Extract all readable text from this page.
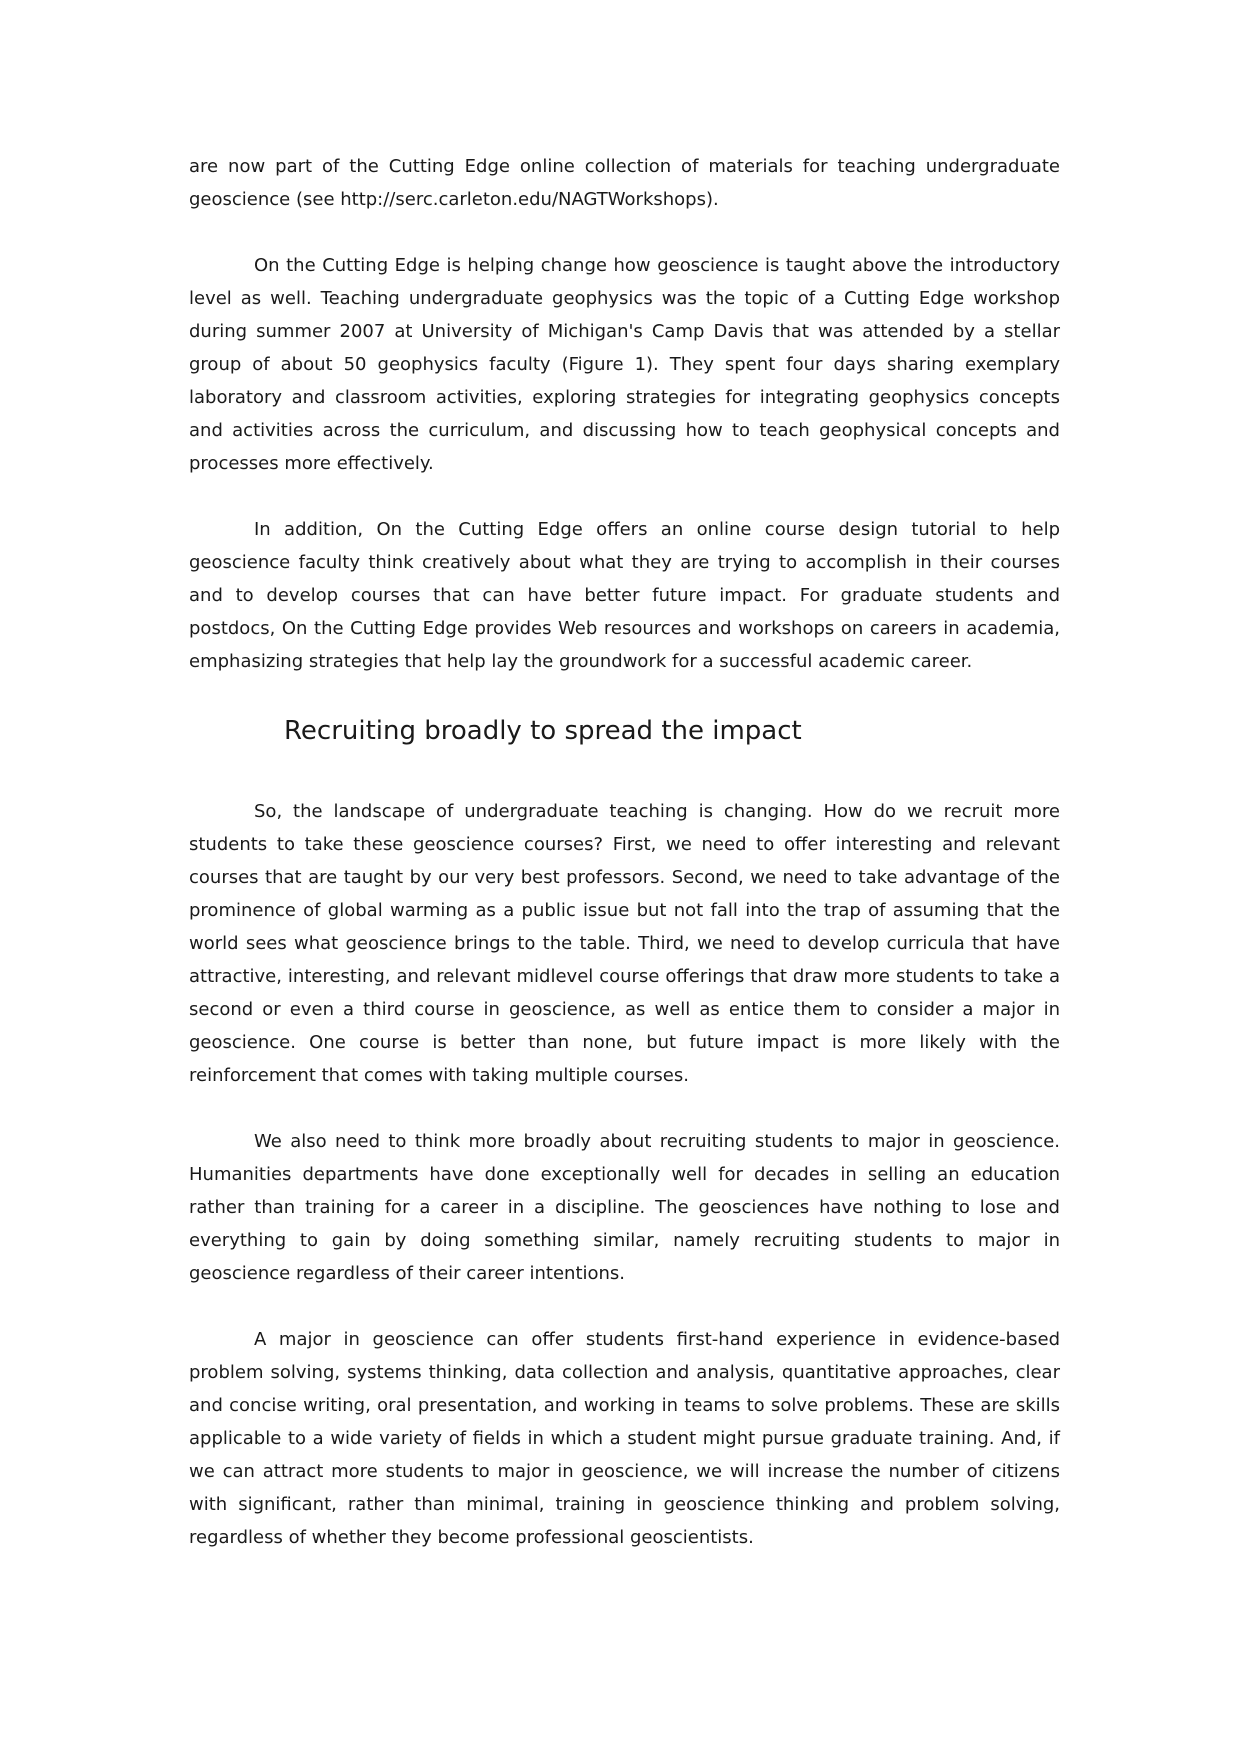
are now part of the Cutting Edge online collection of materials for teaching undergraduate geoscience (see http://serc.carleton.edu/NAGTWorkshops).

On the Cutting Edge is helping change how geoscience is taught above the introductory level as well. Teaching undergraduate geophysics was the topic of a Cutting Edge workshop during summer 2007 at University of Michigan's Camp Davis that was attended by a stellar group of about 50 geophysics faculty (Figure 1). They spent four days sharing exemplary laboratory and classroom activities, exploring strategies for integrating geophysics concepts and activities across the curriculum, and discussing how to teach geophysical concepts and processes more effectively.

In addition, On the Cutting Edge offers an online course design tutorial to help geoscience faculty think creatively about what they are trying to accomplish in their courses and to develop courses that can have better future impact. For graduate students and postdocs, On the Cutting Edge provides Web resources and workshops on careers in academia, emphasizing strategies that help lay the groundwork for a successful academic career.

Recruiting broadly to spread the impact

So, the landscape of undergraduate teaching is changing. How do we recruit more students to take these geoscience courses? First, we need to offer interesting and relevant courses that are taught by our very best professors. Second, we need to take advantage of the prominence of global warming as a public issue but not fall into the trap of assuming that the world sees what geoscience brings to the table. Third, we need to develop curricula that have attractive, interesting, and relevant midlevel course offerings that draw more students to take a second or even a third course in geoscience, as well as entice them to consider a major in geoscience. One course is better than none, but future impact is more likely with the reinforcement that comes with taking multiple courses.

We also need to think more broadly about recruiting students to major in geoscience. Humanities departments have done exceptionally well for decades in selling an education rather than training for a career in a discipline. The geosciences have nothing to lose and everything to gain by doing something similar, namely recruiting students to major in geoscience regardless of their career intentions.

A major in geoscience can offer students first-hand experience in evidence-based problem solving, systems thinking, data collection and analysis, quantitative approaches, clear and concise writing, oral presentation, and working in teams to solve problems. These are skills applicable to a wide variety of fields in which a student might pursue graduate training. And, if we can attract more students to major in geoscience, we will increase the number of citizens with significant, rather than minimal, training in geoscience thinking and problem solving, regardless of whether they become professional geoscientists.
